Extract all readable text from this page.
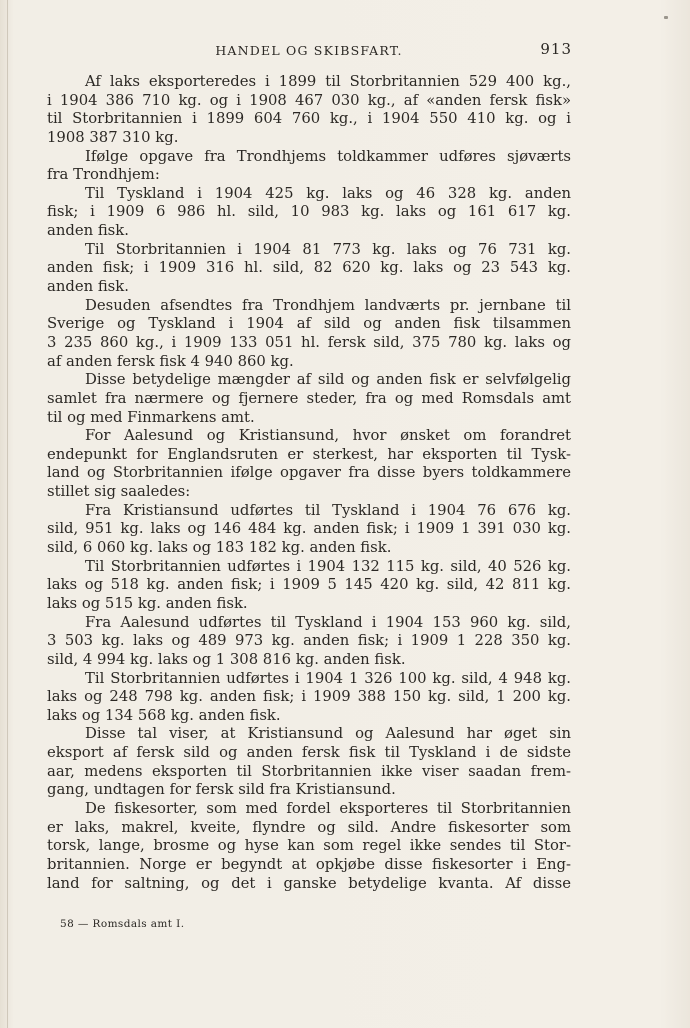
HANDEL OG SKIBSFART.	913
Af laks eksporteredes i 1899 til Storbritannien 529 400 kg.,
i 1904 386 710 kg. og i 1908 467 030 kg., af «anden fersk fisk»
til Storbritannien i 1899 604 760 kg., i 1904 550 410 kg. og i
1908 387 310 kg.
Ifølge opgave fra Trondhjems toldkammer udføres sjøværts
fra Trondhjem:
Til Tyskland i 1904 425 kg. laks og 46 328 kg. anden
fisk; i 1909 6 986 hl. sild, 10 983 kg. laks og 161 617 kg.
anden fisk.
Til Storbritannien i 1904 81 773 kg. laks og 76 731 kg.
anden fisk; i 1909 316 hl. sild, 82 620 kg. laks og 23 543 kg.
anden fisk.
Desuden afsendtes fra Trondhjem landværts pr. jernbane til
Sverige og Tyskland i 1904 af sild og anden fisk tilsammen
3 235 860 kg., i 1909 133 051 hl. fersk sild, 375 780 kg. laks og
af anden fersk fisk 4 940 860 kg.
Disse betydelige mængder af sild og anden fisk er selvfølgelig
samlet fra nærmere og fjernere steder, fra og med Romsdals amt
til og med Finmarkens amt.
For Aalesund og Kristiansund, hvor ønsket om forandret
endepunkt for Englandsruten er sterkest, har eksporten til Tysk-
land og Storbritannien ifølge opgaver fra disse byers toldkammere
stillet sig saaledes:
Fra Kristiansund udførtes til Tyskland i 1904 76 676 kg.
sild, 951 kg. laks og 146 484 kg. anden fisk; i 1909 1 391 030 kg.
sild, 6 060 kg. laks og 183 182 kg. anden fisk.
Til Storbritannien udførtes i 1904 132 115 kg. sild, 40 526 kg.
laks og 518 kg. anden fisk; i 1909 5 145 420 kg. sild, 42 811 kg.
laks og 515 kg. anden fisk.
Fra Aalesund udførtes til Tyskland i 1904 153 960 kg. sild,
3 503 kg. laks og 489 973 kg. anden fisk; i 1909 1 228 350 kg.
sild, 4 994 kg. laks og 1 308 816 kg. anden fisk.
Til Storbritannien udførtes i 1904 1 326 100 kg. sild, 4 948 kg.
laks og 248 798 kg. anden fisk; i 1909 388 150 kg. sild, 1 200 kg.
laks og 134 568 kg. anden fisk.
Disse tal viser, at Kristiansund og Aalesund har øget sin
eksport af fersk sild og anden fersk fisk til Tyskland i de sidste
aar, medens eksporten til Storbritannien ikke viser saadan frem-
gang, undtagen for fersk sild fra Kristiansund.
De fiskesorter, som med fordel eksporteres til Storbritannien
er laks, makrel, kveite, flyndre og sild. Andre fiskesorter som
torsk, lange, brosme og hyse kan som regel ikke sendes til Stor-
britannien. Norge er begyndt at opkjøbe disse fiskesorter i Eng-
land for saltning, og det i ganske betydelige kvanta. Af disse
58 — Romsdals amt I.
